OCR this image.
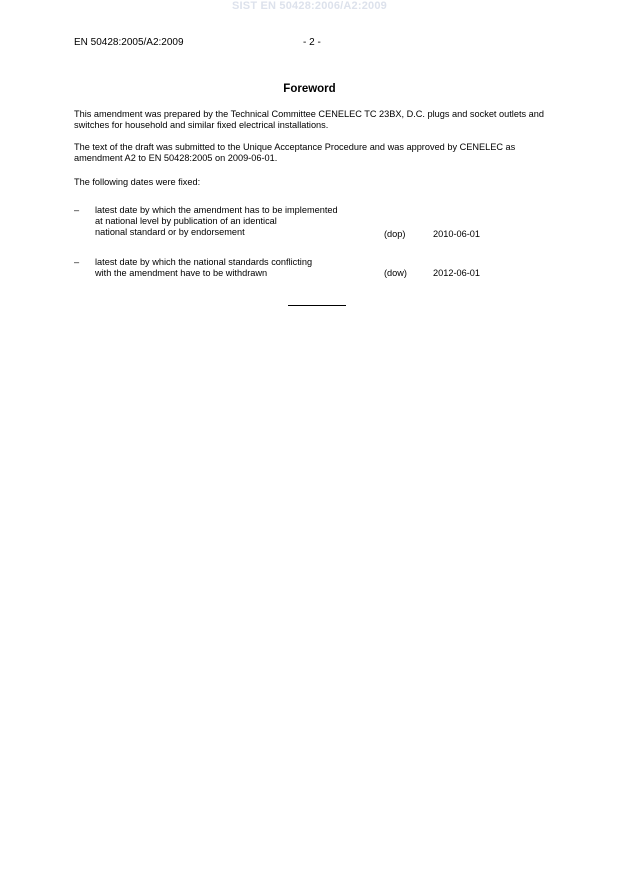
SIST EN 50428:2006/A2:2009
EN 50428:2005/A2:2009	- 2 -
Foreword
This amendment was prepared by the Technical Committee CENELEC TC 23BX, D.C. plugs and socket outlets and switches for household and similar fixed electrical installations.
The text of the draft was submitted to the Unique Acceptance Procedure and was approved by CENELEC as amendment A2 to EN 50428:2005 on 2009-06-01.
The following dates were fixed:
– latest date by which the amendment has to be implemented
at national level by publication of an identical
national standard or by endorsement	(dop)	2010-06-01
– latest date by which the national standards conflicting
with the amendment have to be withdrawn	(dow)	2012-06-01
